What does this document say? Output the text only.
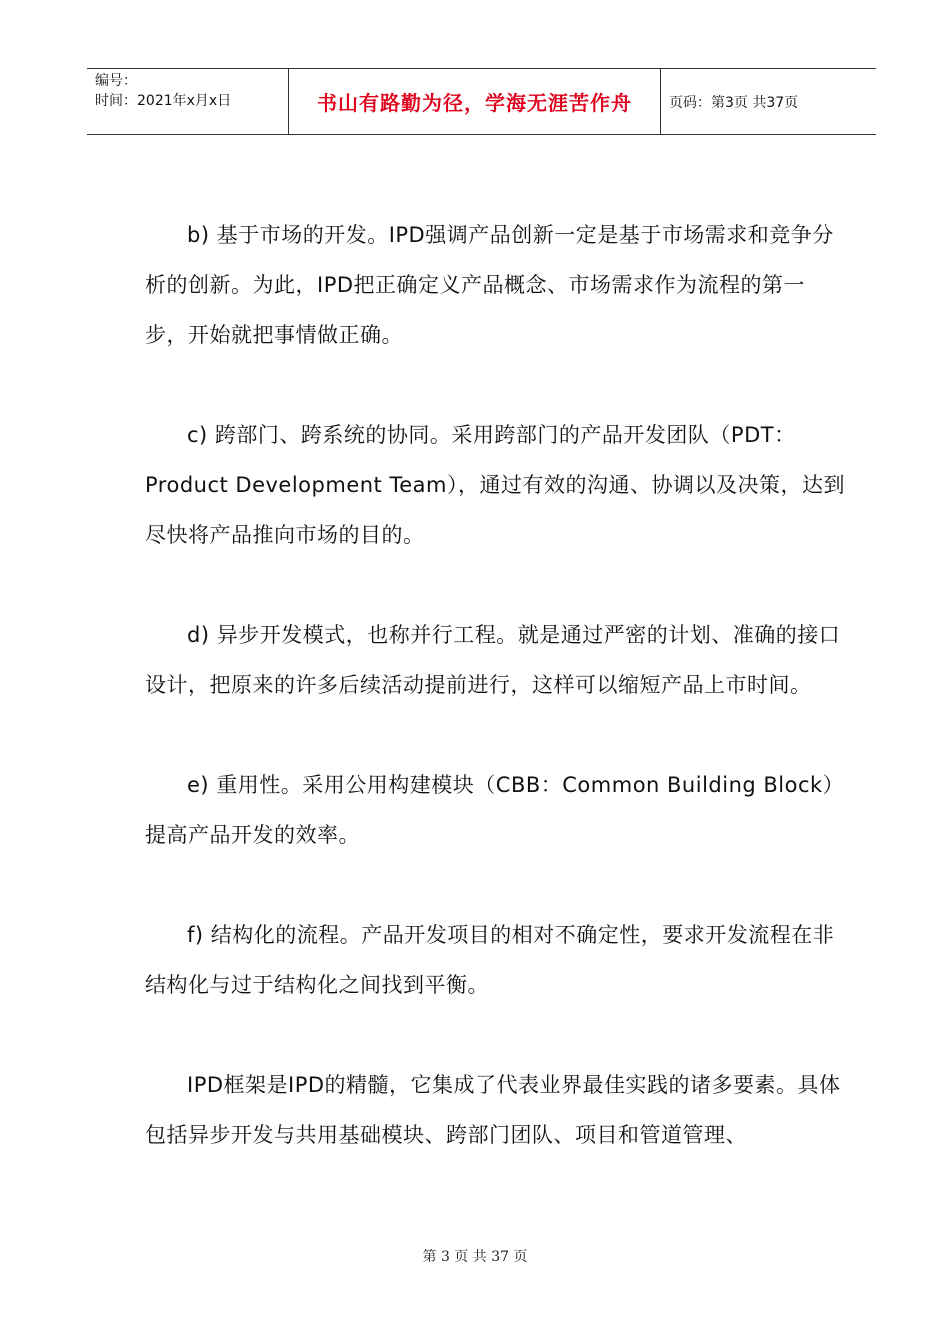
编号：
时间：2021年x月x日	书山有路勤为径，学海无涯苦作舟	页码：第3页 共37页

b) 基于市场的开发。IPD强调产品创新一定是基于市场需求和竞争分析的创新。为此，IPD把正确定义产品概念、市场需求作为流程的第一步，开始就把事情做正确。

c) 跨部门、跨系统的协同。采用跨部门的产品开发团队（PDT：Product Development Team），通过有效的沟通、协调以及决策，达到尽快将产品推向市场的目的。

d) 异步开发模式，也称并行工程。就是通过严密的计划、准确的接口设计，把原来的许多后续活动提前进行，这样可以缩短产品上市时间。

e) 重用性。采用公用构建模块（CBB：Common Building Block）提高产品开发的效率。

f) 结构化的流程。产品开发项目的相对不确定性，要求开发流程在非结构化与过于结构化之间找到平衡。

IPD框架是IPD的精髓，它集成了代表业界最佳实践的诸多要素。具体包括异步开发与共用基础模块、跨部门团队、项目和管道管理、

第 3 页 共 37 页
